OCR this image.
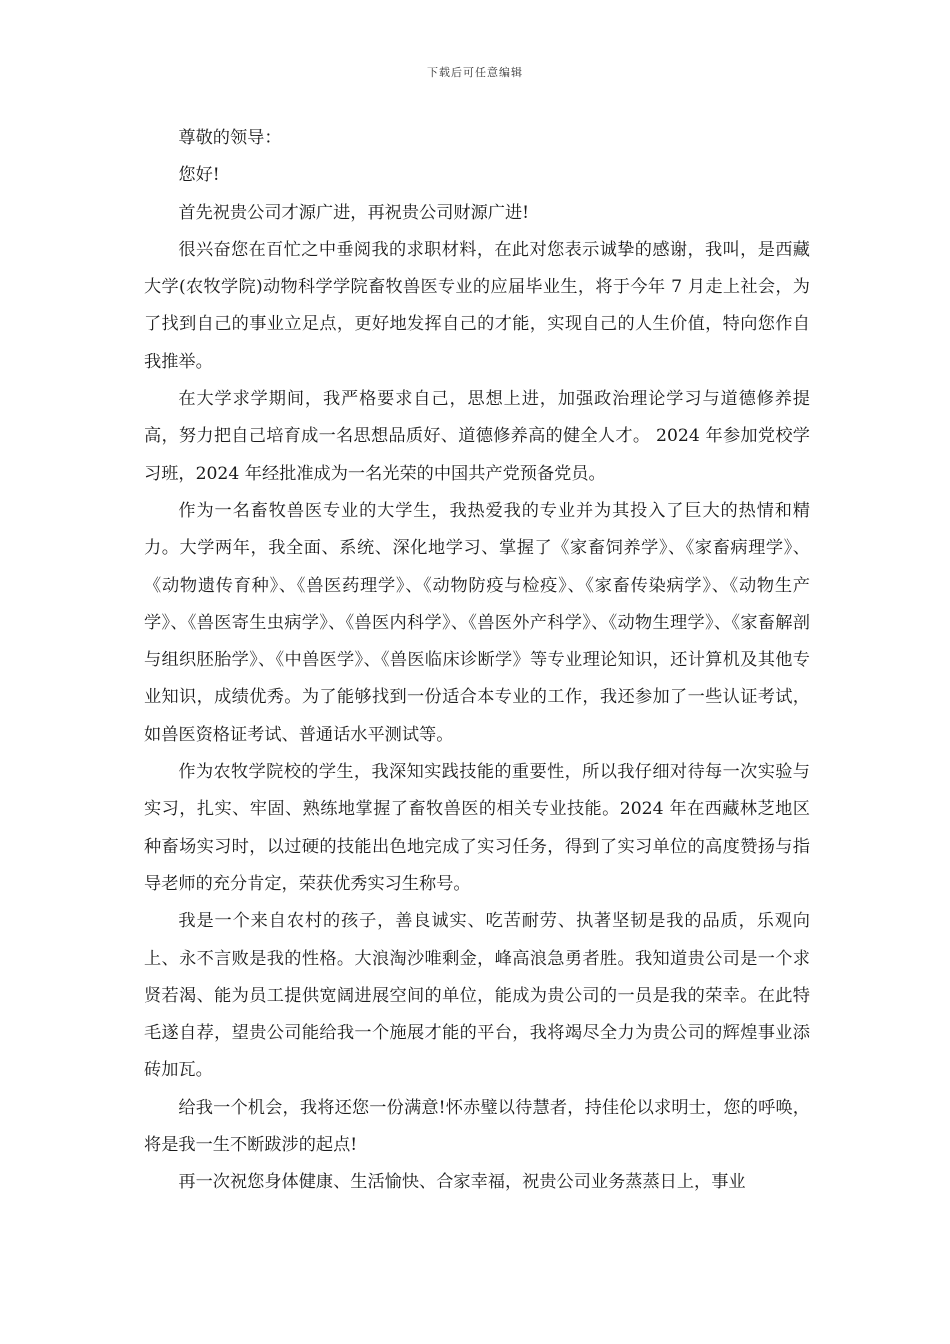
下载后可任意编辑

尊敬的领导：

您好!

首先祝贵公司才源广进，再祝贵公司财源广进!

很兴奋您在百忙之中垂阅我的求职材料，在此对您表示诚挚的感谢，我叫，是西藏大学(农牧学院)动物科学学院畜牧兽医专业的应届毕业生，将于今年 7 月走上社会，为了找到自己的事业立足点，更好地发挥自己的才能，实现自己的人生价值，特向您作自我推举。

在大学求学期间，我严格要求自己，思想上进，加强政治理论学习与道德修养提高，努力把自己培育成一名思想品质好、道德修养高的健全人才。 2024 年参加党校学习班，2024 年经批准成为一名光荣的中国共产党预备党员。

作为一名畜牧兽医专业的大学生，我热爱我的专业并为其投入了巨大的热情和精力。大学两年，我全面、系统、深化地学习、掌握了《家畜饲养学》、《家畜病理学》、《动物遗传育种》、《兽医药理学》、《动物防疫与检疫》、《家畜传染病学》、《动物生产学》、《兽医寄生虫病学》、《兽医内科学》、《兽医外产科学》、《动物生理学》、《家畜解剖与组织胚胎学》、《中兽医学》、《兽医临床诊断学》等专业理论知识，还计算机及其他专业知识，成绩优秀。为了能够找到一份适合本专业的工作，我还参加了一些认证考试，如兽医资格证考试、普通话水平测试等。

作为农牧学院校的学生，我深知实践技能的重要性，所以我仔细对待每一次实验与实习，扎实、牢固、熟练地掌握了畜牧兽医的相关专业技能。2024 年在西藏林芝地区种畜场实习时，以过硬的技能出色地完成了实习任务，得到了实习单位的高度赞扬与指导老师的充分肯定，荣获优秀实习生称号。

我是一个来自农村的孩子，善良诚实、吃苦耐劳、执著坚韧是我的品质，乐观向上、永不言败是我的性格。大浪淘沙唯剩金，峰高浪急勇者胜。我知道贵公司是一个求贤若渴、能为员工提供宽阔进展空间的单位，能成为贵公司的一员是我的荣幸。在此特毛遂自荐，望贵公司能给我一个施展才能的平台，我将竭尽全力为贵公司的辉煌事业添砖加瓦。

给我一个机会，我将还您一份满意!怀赤璧以待慧者，持佳伦以求明士，您的呼唤，将是我一生不断跋涉的起点!

再一次祝您身体健康、生活愉快、合家幸福，祝贵公司业务蒸蒸日上，事业
